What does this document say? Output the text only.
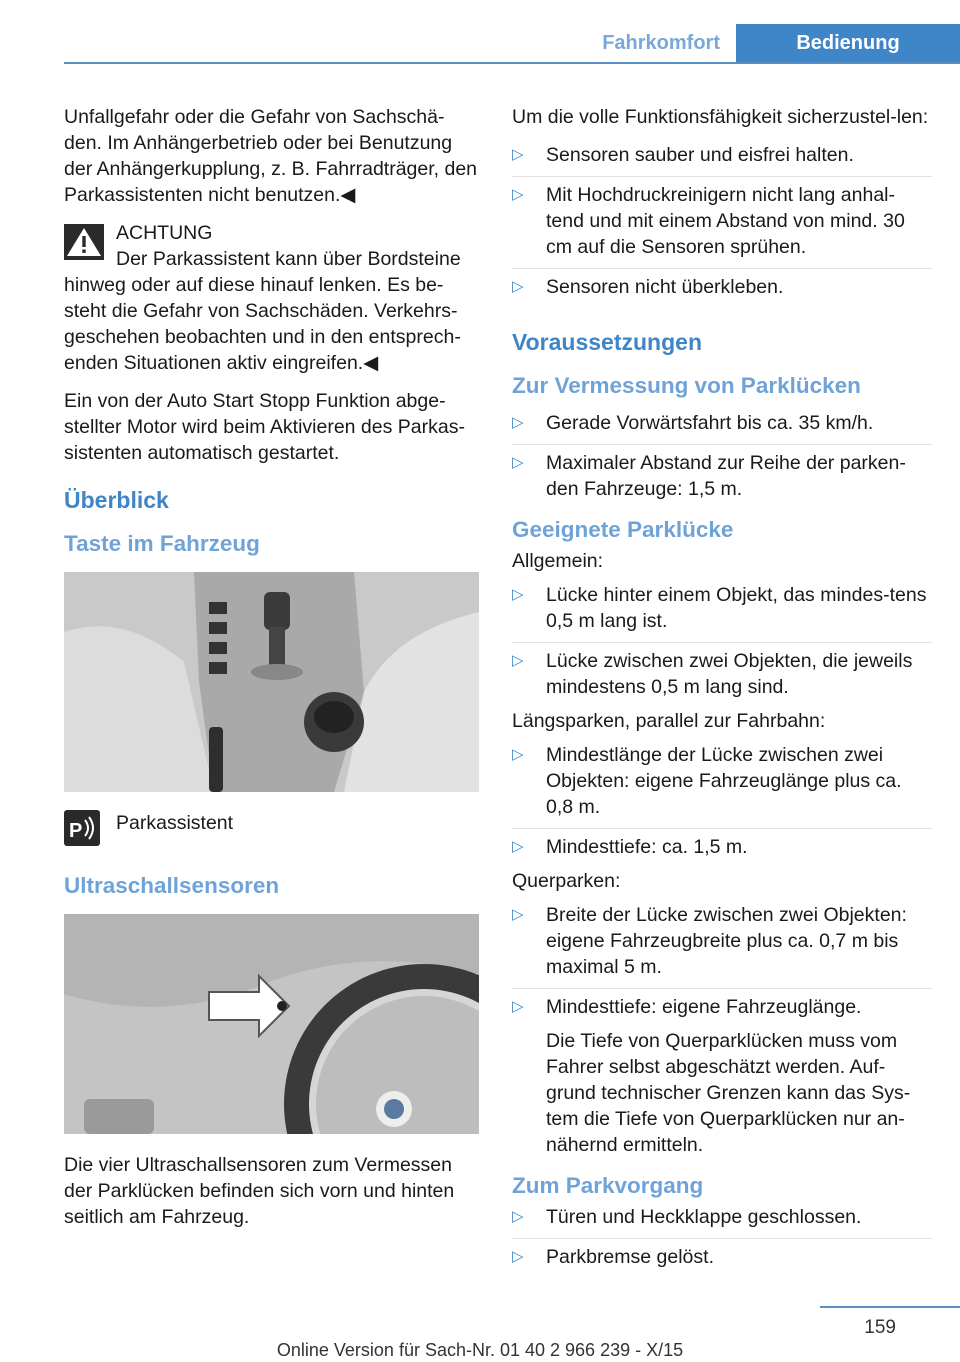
Fahrkomfort	Bedienung

Unfallgefahr oder die Gefahr von Sachschä-den. Im Anhängerbetrieb oder bei Benutzung der Anhängerkupplung, z. B. Fahrradträger, den Parkassistenten nicht benutzen.◀

ACHTUNG
Der Parkassistent kann über Bordsteine
hinweg oder auf diese hinauf lenken. Es be-steht die Gefahr von Sachschäden. Verkehrs-geschehen beobachten und in den entsprech-enden Situationen aktiv eingreifen.◀

Ein von der Auto Start Stopp Funktion abge-stellter Motor wird beim Aktivieren des Parkas-sistenten automatisch gestartet.

Überblick
Taste im Fahrzeug
P Parkassistent
Ultraschallsensoren

Die vier Ultraschallsensoren zum Vermessen der Parklücken befinden sich vorn und hinten seitlich am Fahrzeug.

Um die volle Funktionsfähigkeit sicherzustel-len:

▷ Sensoren sauber und eisfrei halten.
▷ Mit Hochdruckreinigern nicht lang anhal-tend und mit einem Abstand von mind. 30 cm auf die Sensoren sprühen.
▷ Sensoren nicht überkleben.
Voraussetzungen
Zur Vermessung von Parklücken
▷ Gerade Vorwärtsfahrt bis ca. 35 km/h.
▷ Maximaler Abstand zur Reihe der parken-den Fahrzeuge: 1,5 m.
Geeignete Parklücke

Allgemein:

▷ Lücke hinter einem Objekt, das mindes-tens 0,5 m lang ist.
▷ Lücke zwischen zwei Objekten, die jeweils mindestens 0,5 m lang sind.

Längsparken, parallel zur Fahrbahn:

▷ Mindestlänge der Lücke zwischen zwei Objekten: eigene Fahrzeuglänge plus ca. 0,8 m.
▷ Mindesttiefe: ca. 1,5 m.

Querparken:

▷ Breite der Lücke zwischen zwei Objekten: eigene Fahrzeugbreite plus ca. 0,7 m bis maximal 5 m.
▷ Mindesttiefe: eigene Fahrzeuglänge.
Die Tiefe von Querparklücken muss vom Fahrer selbst abgeschätzt werden. Auf-grund technischer Grenzen kann das Sys-tem die Tiefe von Querparklücken nur an-nähernd ermitteln.
Zum Parkvorgang
▷ Türen und Heckklappe geschlossen.
▷ Parkbremse gelöst.
159
Online Version für Sach-Nr. 01 40 2 966 239 - X/15
